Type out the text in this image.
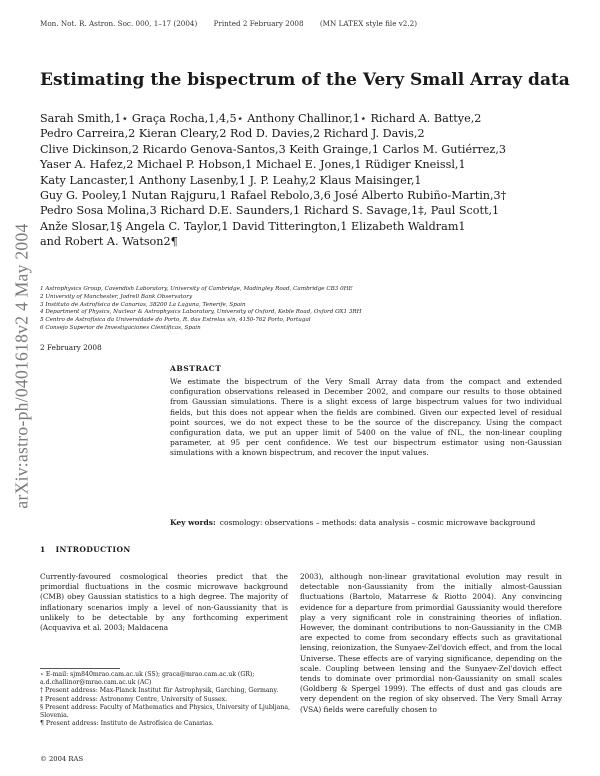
Mon. Not. R. Astron. Soc. 000, 1–17 (2004) Printed 2 February 2008 (MN LATEX style file v2.2)
Estimating the bispectrum of the Very Small Array data
Sarah Smith,1⋆ Graça Rocha,1,4,5⋆ Anthony Challinor,1⋆ Richard A. Battye,2
Pedro Carreira,2 Kieran Cleary,2 Rod D. Davies,2 Richard J. Davis,2
Clive Dickinson,2 Ricardo Genova-Santos,3 Keith Grainge,1 Carlos M. Gutiérrez,3
Yaser A. Hafez,2 Michael P. Hobson,1 Michael E. Jones,1 Rüdiger Kneissl,1
Katy Lancaster,1 Anthony Lasenby,1 J. P. Leahy,2 Klaus Maisinger,1
Guy G. Pooley,1 Nutan Rajguru,1 Rafael Rebolo,3,6 José Alberto Rubiño-Martin,3†
Pedro Sosa Molina,3 Richard D.E. Saunders,1 Richard S. Savage,1‡, Paul Scott,1
Anže Slosar,1§ Angela C. Taylor,1 David Titterington,1 Elizabeth Waldram1
and Robert A. Watson2¶
1 Astrophysics Group, Cavendish Laboratory, University of Cambridge, Madingley Road, Cambridge CB3 0HE
2 University of Manchester, Jodrell Bank Observatory
3 Instituto de Astrofísica de Canarias, 38200 La Laguna, Tenerife, Spain
4 Department of Physics, Nuclear & Astrophysics Laboratory, University of Oxford, Keble Road, Oxford OX1 3RH
5 Centro de Astrofísica da Universidade do Porto, R. das Estrelas s/n, 4150-762 Porto, Portugal
6 Consejo Superior de Investigaciones Científicas, Spain
2 February 2008
arXiv:astro-ph/0401618v2 4 May 2004	ABSTRACT

We estimate the bispectrum of the Very Small Array data from the compact and extended configuration observations released in December 2002, and compare our results to those obtained from Gaussian simulations. There is a slight excess of large bispectrum values for two individual fields, but this does not appear when the fields are combined. Given our expected level of residual point sources, we do not expect these to be the source of the discrepancy. Using the compact configuration data, we put an upper limit of 5400 on the value of fNL, the non-linear coupling parameter, at 95 per cent confidence. We test our bispectrum estimator using non-Gaussian simulations with a known bispectrum, and recover the input values.

Key words: cosmology: observations – methods: data analysis – cosmic microwave background
1 INTRODUCTION

Currently-favoured cosmological theories predict that the primordial fluctuations in the cosmic microwave background (CMB) obey Gaussian statistics to a high degree. The majority of inflationary scenarios imply a level of non-Gaussianity that is unlikely to be detectable by any forthcoming experiment (Acquaviva et al. 2003; Maldacena

2003), although non-linear gravitational evolution may result in detectable non-Gaussianity from the initially almost-Gaussian fluctuations (Bartolo, Matarrese & Riotto 2004). Any convincing evidence for a departure from primordial Gaussianity would therefore play a very significant role in constraining theories of inflation. However, the dominant contributions to non-Gaussianity in the CMB are expected to come from secondary effects such as gravitational lensing, reionization, the Sunyaev-Zel'dovich effect, and from the local Universe. These effects are of varying significance, depending on the scale. Coupling between lensing and the Sunyaev-Zel'dovich effect tends to dominate over primordial non-Gaussianity on small scales (Goldberg & Spergel 1999). The effects of dust and gas clouds are very dependent on the region of sky observed. The Very Small Array (VSA) fields were carefully chosen to

⋆ E-mail: sjm840mrao.cam.ac.uk (SS); graca@mrao.cam.ac.uk (GR); a.d.challinor@mrao.cam.ac.uk (AC)
† Present address: Max-Planck Institut für Astrophysik, Garching, Germany.
‡ Present address: Astronomy Centre, University of Sussex.
§ Present address: Faculty of Mathematics and Physics, University of Ljubljana, Slovenia.
¶ Present address: Instituto de Astrofísica de Canarias.
© 2004 RAS
